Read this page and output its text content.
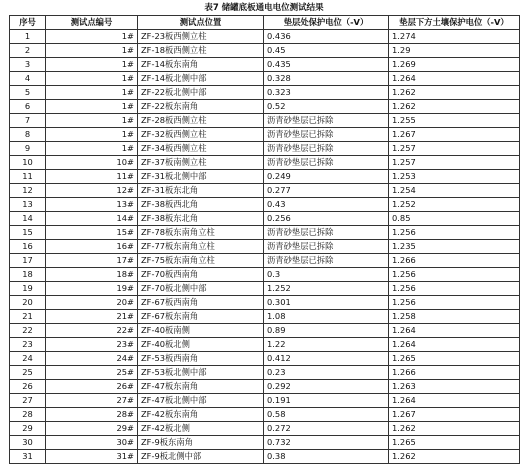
表7 储罐底板通电电位测试结果
序号	测试点编号	测试点位置	垫层处保护电位（-V）	垫层下方土壤保护电位（-V）
1	1#	ZF-23板西侧立柱	0.436	1.274
2	1#	ZF-18板西侧立柱	0.45	1.29
3	1#	ZF-14板东南角	0.435	1.269
4	1#	ZF-14板北侧中部	0.328	1.264
5	1#	ZF-22板北侧中部	0.323	1.262
6	1#	ZF-22板东南角	0.52	1.262
7	1#	ZF-28板西侧立柱	沥青砂垫层已拆除	1.255
8	1#	ZF-32板西侧立柱	沥青砂垫层已拆除	1.267
9	1#	ZF-34板西侧立柱	沥青砂垫层已拆除	1.257
10	10#	ZF-37板南侧立柱	沥青砂垫层已拆除	1.257
11	11#	ZF-31板北侧中部	0.249	1.253
12	12#	ZF-31板东北角	0.277	1.254
13	13#	ZF-38板西北角	0.43	1.252
14	14#	ZF-38板东北角	0.256	0.85
15	15#	ZF-78板东南角立柱	沥青砂垫层已拆除	1.256
16	16#	ZF-77板东南角立柱	沥青砂垫层已拆除	1.235
17	17#	ZF-75板东南角立柱	沥青砂垫层已拆除	1.266
18	18#	ZF-70板西南角	0.3	1.256
19	19#	ZF-70板北侧中部	1.252	1.256
20	20#	ZF-67板西南角	0.301	1.256
21	21#	ZF-67板东南角	1.08	1.258
22	22#	ZF-40板南侧	0.89	1.264
23	23#	ZF-40板北侧	1.22	1.264
24	24#	ZF-53板西南角	0.412	1.265
25	25#	ZF-53板北侧中部	0.23	1.266
26	26#	ZF-47板东南角	0.292	1.263
27	27#	ZF-47板北侧中部	0.191	1.264
28	28#	ZF-42板东南角	0.58	1.267
29	29#	ZF-42板北侧	0.272	1.262
30	30#	ZF-9板东南角	0.732	1.265
31	31#	ZF-9板北侧中部	0.38	1.262
